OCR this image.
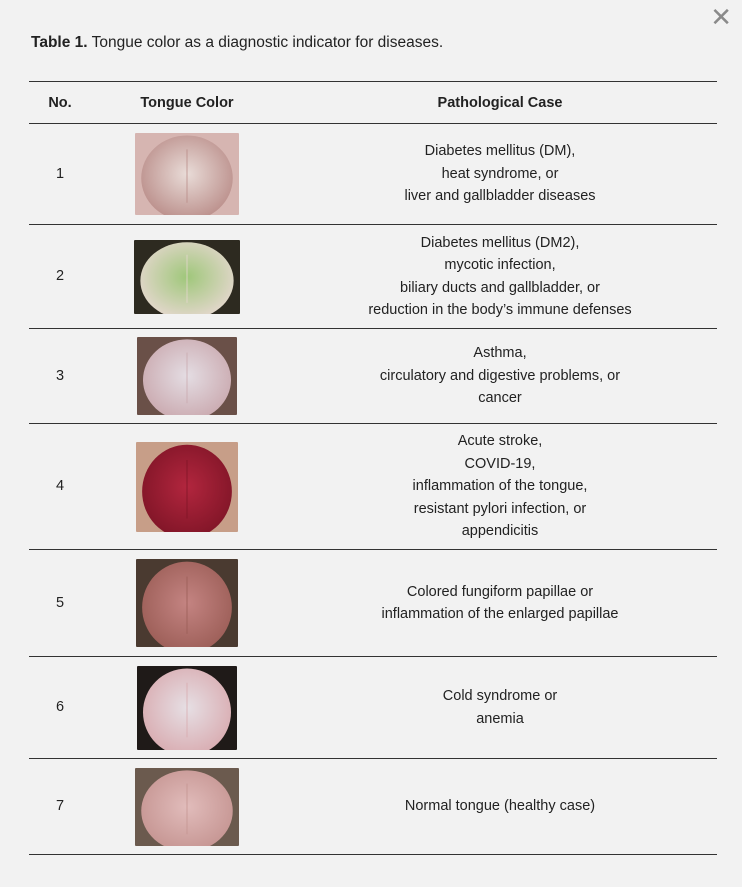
✕
Table 1. Tongue color as a diagnostic indicator for diseases.
No.	Tongue Color	Pathological Case
1		Diabetes mellitus (DM),
heat syndrome, or
liver and gallbladder diseases

2		Diabetes mellitus (DM2),
mycotic infection,
biliary ducts and gallbladder, or
reduction in the body’s immune defenses

3		Asthma,
circulatory and digestive problems, or
cancer

4		Acute stroke,
COVID-19,
inflammation of the tongue,
resistant pylori infection, or
appendicitis

5		Colored fungiform papillae or
inflammation of the enlarged papillae

6		Cold syndrome or
anemia

7		Normal tongue (healthy case)
